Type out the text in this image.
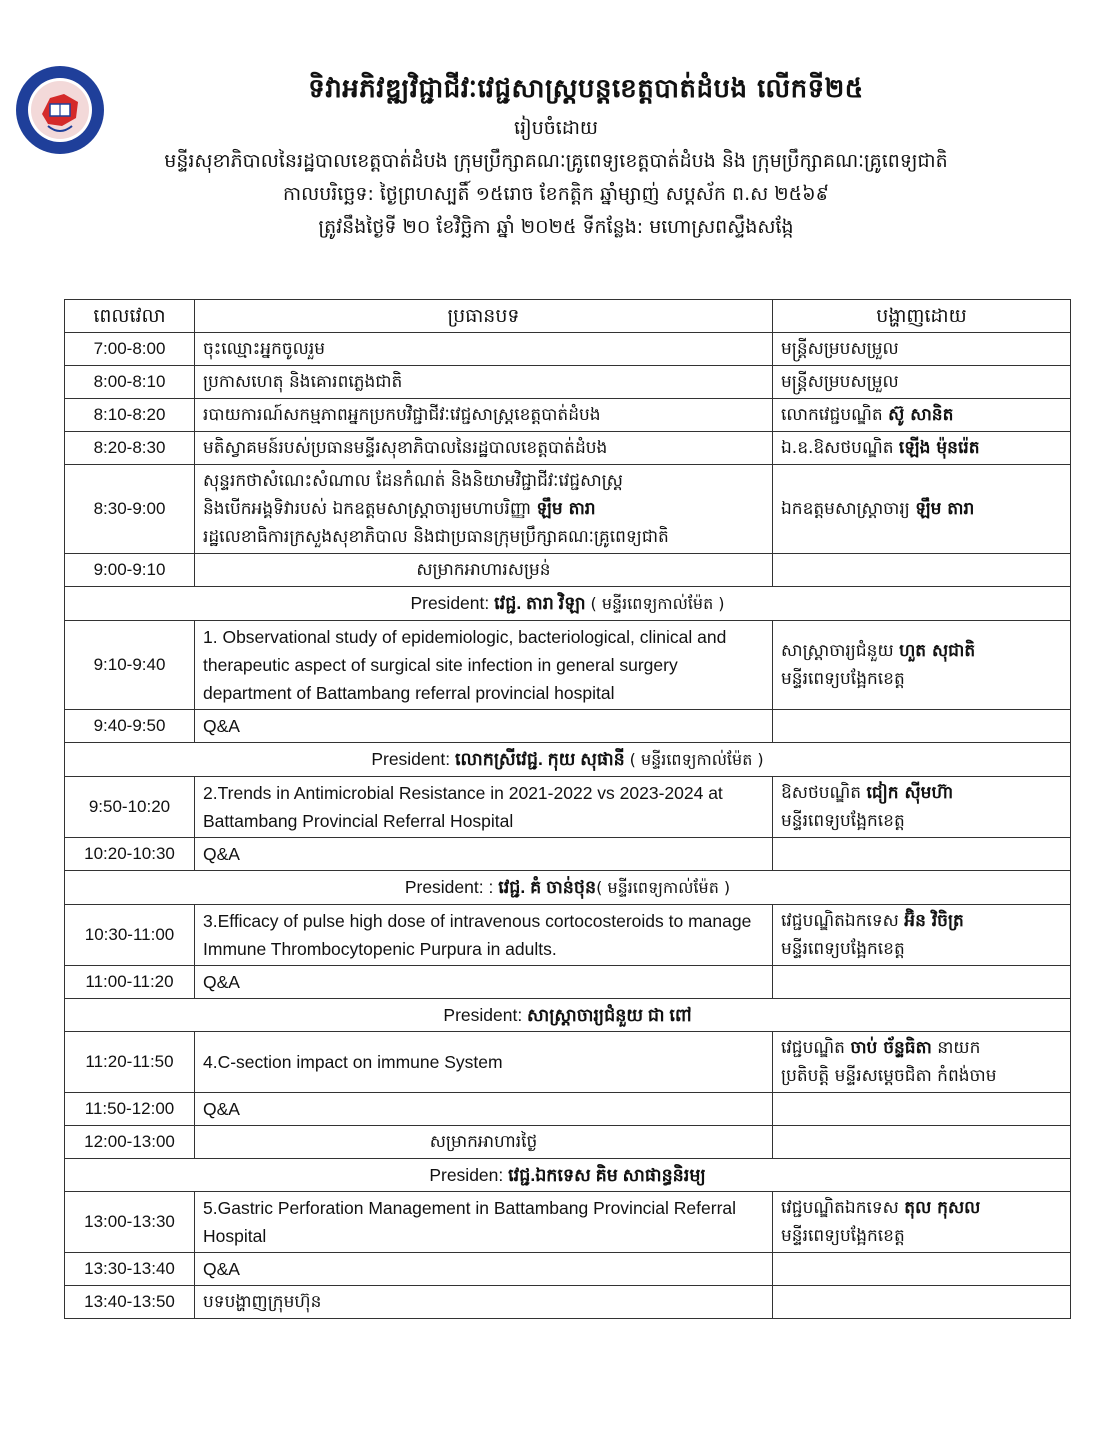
ទិវាអភិវឌ្ឍវិជ្ជាជីវៈវេជ្ជសាស្ត្របន្តខេត្តបាត់ដំបង លើកទី២៥
រៀបចំដោយ
មន្ទីរសុខាភិបាលនៃរដ្ឋបាលខេត្តបាត់ដំបង ក្រុមប្រឹក្សាគណៈគ្រូពេទ្យខេត្តបាត់ដំបង និង ក្រុមប្រឹក្សាគណៈគ្រូពេទ្យជាតិ
កាលបរិច្ឆេទ: ថ្ងៃព្រហស្បតិ៍ ១៥រោច ខែកត្តិក ឆ្នាំម្សាញ់ សប្តស័ក ព.ស ២៥៦៩
ត្រូវនឹងថ្ងៃទី ២០ ខែវិច្ឆិកា ឆ្នាំ ២០២៥ ទីកន្លែង: មហោស្រពស្ទឹងសង្កែ
ពេលវេលា	ប្រធានបទ	បង្ហាញដោយ
7:00-8:00	ចុះឈ្មោះអ្នកចូលរួម	មន្ត្រីសម្របសម្រួល
8:00-8:10	ប្រកាសហេតុ និងគោរពភ្លេងជាតិ	មន្ត្រីសម្របសម្រួល
8:10-8:20	របាយការណ៍សកម្មភាពអ្នកប្រកបវិជ្ជាជីវៈវេជ្ជសាស្ត្រខេត្តបាត់ដំបង	លោកវេជ្ជបណ្ឌិត ស៊ូ សានិត
8:20-8:30	មតិស្វាគមន៍របស់ប្រធានមន្ទីរសុខាភិបាលនៃរដ្ឋបាលខេត្តបាត់ដំបង	ឯ.ឧ.ឱសថបណ្ឌិត ឡើង ម៉ុនរ៉េត
8:30-9:00	សុន្ទរកថាសំណេះសំណាល ដែនកំណត់ និងនិយាមវិជ្ជាជីវៈវេជ្ជសាស្ត្រ
និងបើកអង្គទិវារបស់ ឯកឧត្តមសាស្ត្រាចារ្យមហាបរិញ្ញា ឡឹម តារា
រដ្ឋលេខាធិការក្រសួងសុខាភិបាល និងជាប្រធានក្រុមប្រឹក្សាគណៈគ្រូពេទ្យជាតិ	ឯកឧត្តមសាស្ត្រាចារ្យ ឡឹម តារា
9:00-9:10	សម្រាកអាហារសម្រន់	
President: វេជ្ជ. តារា វិឡា ( មន្ទីរពេទ្យកាល់ម៉ែត )		
9:10-9:40	1. Observational study of epidemiologic, bacteriological, clinical and therapeutic aspect of surgical site infection in general surgery department of Battambang referral provincial hospital	សាស្ត្រាចារ្យជំនួយ ហួត សុជាតិ
មន្ទីរពេទ្យបង្អែកខេត្ត
9:40-9:50	Q&A	
President: លោកស្រីវេជ្ជ. កុយ សុផានី ( មន្ទីរពេទ្យកាល់ម៉ែត )		
9:50-10:20	2.Trends in Antimicrobial Resistance in 2021-2022 vs 2023-2024 at Battambang Provincial Referral Hospital	ឱសថបណ្ឌិត ជៀក ស៊ីមហ៊ា
មន្ទីរពេទ្យបង្អែកខេត្ត
10:20-10:30	Q&A	
President: : វេជ្ជ. គំ ចាន់ថុន( មន្ទីរពេទ្យកាល់ម៉ែត )		
10:30-11:00	3.Efficacy of pulse high dose of intravenous cortocosteroids to manage Immune Thrombocytopenic Purpura in adults.	វេជ្ជបណ្ឌិតឯកទេស អ៊ិន វិចិត្រ
មន្ទីរពេទ្យបង្អែកខេត្ត
11:00-11:20	Q&A	
President: សាស្ត្រាចារ្យជំនួយ ជា ពៅ		
11:20-11:50	4.C-section impact on immune System	វេជ្ជបណ្ឌិត ចាប់ ច័ន្ទធិតា នាយក
ប្រតិបត្តិ មន្ទីរសម្តេចជិតា កំពង់ចាម
11:50-12:00	Q&A	
12:00-13:00	សម្រាកអាហារថ្ងៃ	
Presiden: វេជ្ជ.ឯកទេស គិម សាផាន្ធនិរម្យ		
13:00-13:30	5.Gastric Perforation Management in Battambang Provincial Referral Hospital	វេជ្ជបណ្ឌិតឯកទេស តុល កុសល
មន្ទីរពេទ្យបង្អែកខេត្ត
13:30-13:40	Q&A	
13:40-13:50	បទបង្ហាញក្រុមហ៊ុន	
